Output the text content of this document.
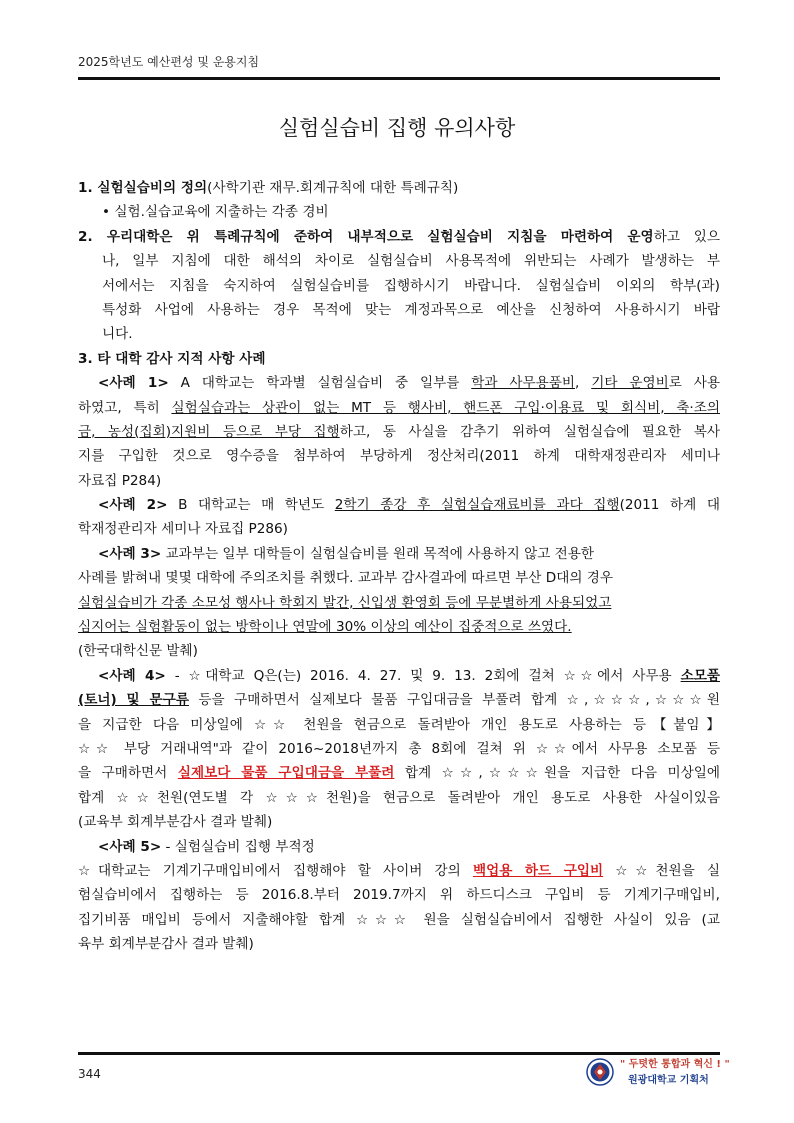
2025학년도 예산편성 및 운용지침
실험실습비 집행 유의사항
1. 실험실습비의 정의(사학기관 재무.회계규칙에 대한 특례규칙)
• 실험.실습교육에 지출하는 각종 경비
2. 우리대학은 위 특례규칙에 준하여 내부적으로 실험실습비 지침을 마련하여 운영하고 있으
나, 일부 지침에 대한 해석의 차이로 실험실습비 사용목적에 위반되는 사례가 발생하는 부
서에서는 지침을 숙지하여 실험실습비를 집행하시기 바랍니다. 실험실습비 이외의 학부(과)
특성화 사업에 사용하는 경우 목적에 맞는 계정과목으로 예산을 신청하여 사용하시기 바랍
니다.
3. 타 대학 감사 지적 사항 사례
<사례 1> A 대학교는 학과별 실험실습비 중 일부를 학과 사무용품비, 기타 운영비로 사용
하였고, 특히 실험실습과는 상관이 없는 MT 등 행사비, 핸드폰 구입·이용료 및 회식비, 축·조의
금, 농성(집회)지원비 등으로 부당 집행하고, 동 사실을 감추기 위하여 실험실습에 필요한 복사
지를 구입한 것으로 영수증을 첨부하여 부당하게 정산처리(2011 하계 대학재정관리자 세미나
자료집 P284)
<사례 2> B 대학교는 매 학년도 2학기 종강 후 실험실습재료비를 과다 집행(2011 하계 대
학재정관리자 세미나 자료집 P286)
<사례 3> 교과부는 일부 대학들이 실험실습비를 원래 목적에 사용하지 않고 전용한
사례를 밝혀내 몇몇 대학에 주의조치를 취했다. 교과부 감사결과에 따르면 부산 D대의 경우
실험실습비가 각종 소모성 행사나 학회지 발간, 신입생 환영회 등에 무분별하게 사용되었고
심지어는 실험활동이 없는 방학이나 연말에 30% 이상의 예산이 집중적으로 쓰였다.
(한국대학신문 발췌)
<사례 4> - ☆대학교 Q은(는) 2016. 4. 27. 및 9. 13. 2회에 걸쳐 ☆☆에서 사무용 소모품
(토너) 및 문구류 등을 구매하면서 실제보다 물품 구입대금을 부풀려 합계 ☆,☆☆☆,☆☆☆원
을 지급한 다음 미상일에 ☆☆ 천원을 현금으로 돌려받아 개인 용도로 사용하는 등【붙임】
☆☆ 부당 거래내역"과 같이 2016~2018년까지 총 8회에 걸쳐 위 ☆☆에서 사무용 소모품 등
을 구매하면서 실제보다 물품 구입대금을 부풀려 합계 ☆☆,☆☆☆원을 지급한 다음 미상일에
합계 ☆☆천원(연도별 각 ☆☆☆천원)을 현금으로 돌려받아 개인 용도로 사용한 사실이있음
(교육부 회계부분감사 결과 발췌)
<사례 5> - 실험실습비 집행 부적정
☆대학교는 기계기구매입비에서 집행해야 할 사이버 강의 백업용 하드 구입비 ☆☆천원을 실
험실습비에서 집행하는 등 2016.8.부터 2019.7까지 위 하드디스크 구입비 등 기계기구매입비,
집기비품 매입비 등에서 지출해야할 합계 ☆☆☆ 원을 실험실습비에서 집행한 사실이 있음 (교
육부 회계부분감사 결과 발췌)
344
" 두텻한 통합과 혁신 ! "
원광대학교 기획처
